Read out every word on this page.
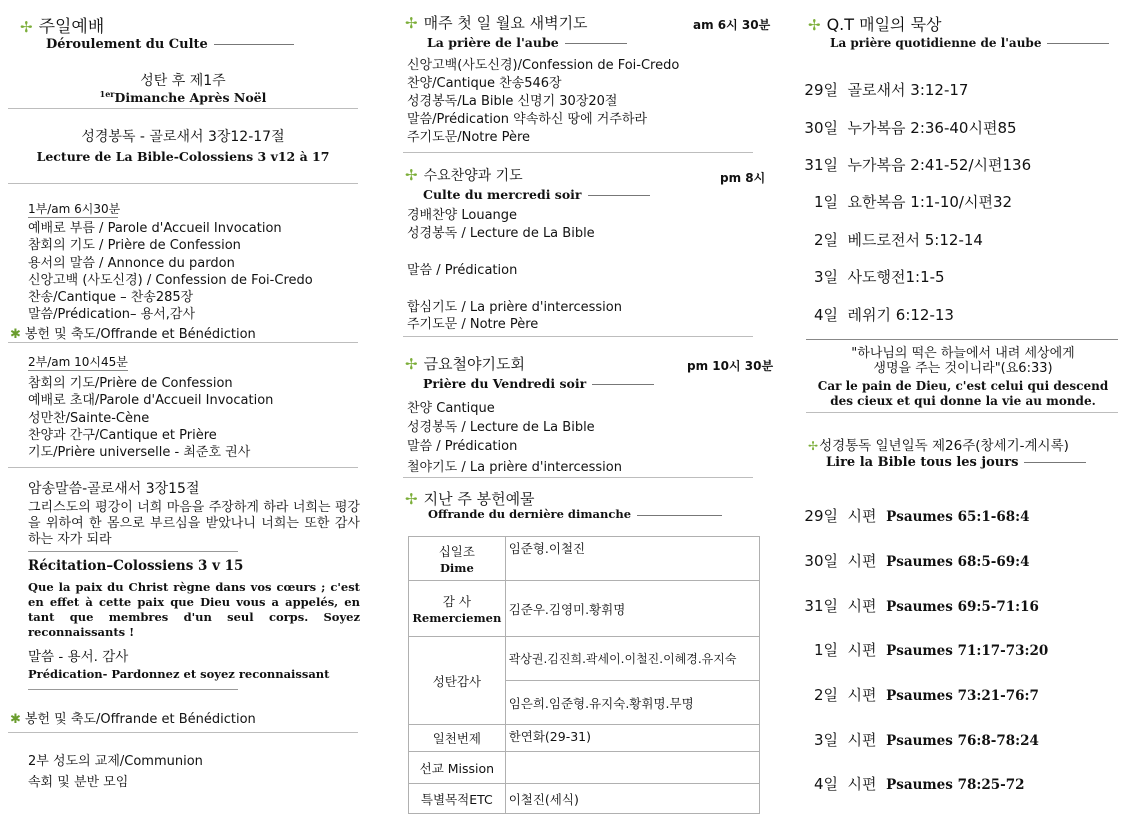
✢ 주일예배
Déroulement du Culte
성탄 후 제1주
$^{1er}$Dimanche Après Noël
성경봉독 - 골로새서 3장12-17절
Lecture de La Bible-Colossiens 3 v12 à 17
1부/am 6시30분
예배로 부름 / Parole d'Accueil Invocation
참회의 기도 / Prière de Confession
용서의 말씀 / Annonce du pardon
신앙고백 (사도신경) / Confession de Foi-Credo
찬송/Cantique – 찬송285장
말씀/Prédication– 용서,감사
✱ 봉헌 및 축도/Offrande et Bénédiction
2부/am 10시45분
참회의 기도/Prière de Confession
예배로 초대/Parole d'Accueil Invocation
성만찬/Sainte-Cène
찬양과 간구/Cantique et Prière
기도/Prière universelle - 최준호 권사
암송말씀-골로새서 3장15절
그리스도의 평강이 너희 마음을 주장하게 하라 너희는 평강을 위하여 한 몸으로 부르심을 받았나니 너희는 또한 감사하는 자가 되라
Récitation–Colossiens 3 v 15
Que la paix du Christ règne dans vos cœurs ; c'est en effet à cette paix que Dieu vous a appelés, en tant que membres d'un seul corps. Soyez reconnaissants !
말씀 - 용서. 감사
Prédication- Pardonnez et soyez reconnaissant
✱ 봉헌 및 축도/Offrande et Bénédiction
2부 성도의 교제/Communion
속회 및 분반 모임
✢ 매주 첫 일 월요 새벽기도	am 6시 30분
La prière de l'aube
신앙고백(사도신경)/Confession de Foi-Credo
찬양/Cantique 찬송546장
성경봉독/La Bible 신명기 30장20절
말씀/Prédication 약속하신 땅에 거주하라
주기도문/Notre Père
✢ 수요찬양과 기도	pm 8시
Culte du mercredi soir
경배찬양 Louange
성경봉독 / Lecture de La Bible
말씀 / Prédication
합심기도 / La prière d'intercession
주기도문 / Notre Père
✢ 금요철야기도회	pm 10시 30분
Prière du Vendredi soir
찬양 Cantique
성경봉독 / Lecture de La Bible
말씀 / Prédication
철야기도 / La prière d'intercession
✢ 지난 주 봉헌예물
Offrande du dernière dimanche
십일조
Dime	임준형.이철진
감 사
Remerciemen	김준우.김영미.황휘명
성탄감사	곽상권.김진희.곽세이.이철진.이혜경.유지숙
	임은희.임준형.유지숙.황휘명.무명
일천번제	한연화(29-31)
선교 Mission	
특별목적ETC	이철진(세식)
✢ Q.T 매일의 묵상
La prière quotidienne de l'aube
29일 골로새서 3:12-17
30일 누가복음 2:36-40시편85
31일 누가복음 2:41-52/시편136
1일 요한복음 1:1-10/시편32
2일 베드로전서 5:12-14
3일 사도행전1:1-5
4일 레위기 6:12-13
"하나님의 떡은 하늘에서 내려 세상에게
생명을 주는 것이니라"(요6:33)
Car le pain de Dieu, c'est celui qui descend
des cieux et qui donne la vie au monde.
✢성경통독 일년일독 제26주(창세기-계시록)
Lire la Bible tous les jours
29일 시편 Psaumes 65:1-68:4
30일 시편 Psaumes 68:5-69:4
31일 시편 Psaumes 69:5-71:16
1일 시편 Psaumes 71:17-73:20
2일 시편 Psaumes 73:21-76:7
3일 시편 Psaumes 76:8-78:24
4일 시편 Psaumes 78:25-72
